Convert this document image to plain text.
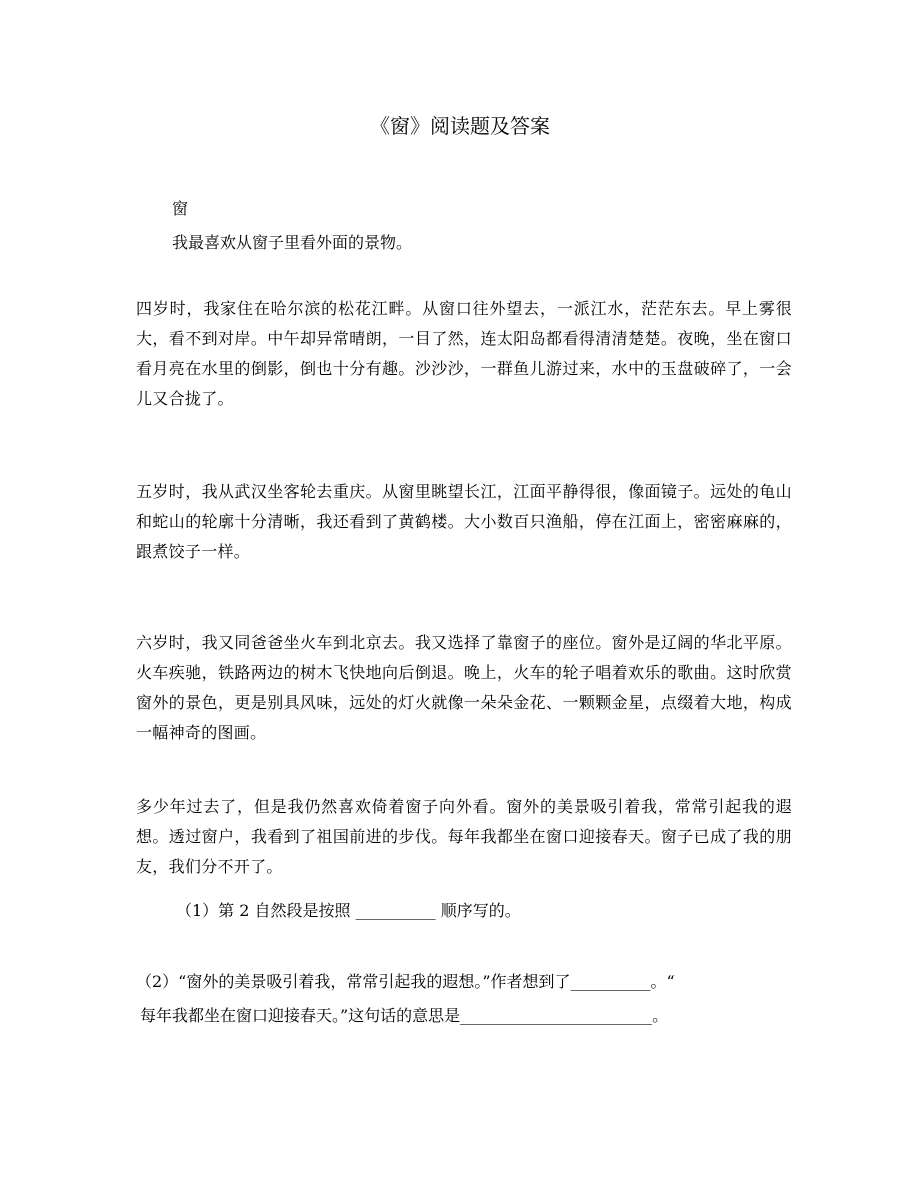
《窗》阅读题及答案

窗

我最喜欢从窗子里看外面的景物。

四岁时，我家住在哈尔滨的松花江畔。从窗口往外望去，一派江水，茫茫东去。早上雾很大，看不到对岸。中午却异常晴朗，一目了然，连太阳岛都看得清清楚楚。夜晚，坐在窗口看月亮在水里的倒影，倒也十分有趣。沙沙沙，一群鱼儿游过来，水中的玉盘破碎了，一会儿又合拢了。

五岁时，我从武汉坐客轮去重庆。从窗里眺望长江，江面平静得很，像面镜子。远处的龟山和蛇山的轮廓十分清晰，我还看到了黄鹤楼。大小数百只渔船，停在江面上，密密麻麻的，跟煮饺子一样。

六岁时，我又同爸爸坐火车到北京去。我又选择了靠窗子的座位。窗外是辽阔的华北平原。火车疾驰，铁路两边的树木飞快地向后倒退。晚上，火车的轮子唱着欢乐的歌曲。这时欣赏窗外的景色，更是别具风味，远处的灯火就像一朵朵金花、一颗颗金星，点缀着大地，构成一幅神奇的图画。

多少年过去了，但是我仍然喜欢倚着窗子向外看。窗外的美景吸引着我，常常引起我的遐想。透过窗户，我看到了祖国前进的步伐。每年我都坐在窗口迎接春天。窗子已成了我的朋友，我们分不开了。

（1）第 2 自然段是按照 __________ 顺序写的。

（2）“窗外的美景吸引着我，常常引起我的遐想。”作者想到了__________。“
每年我都坐在窗口迎接春天。”这句话的意思是________________________。
